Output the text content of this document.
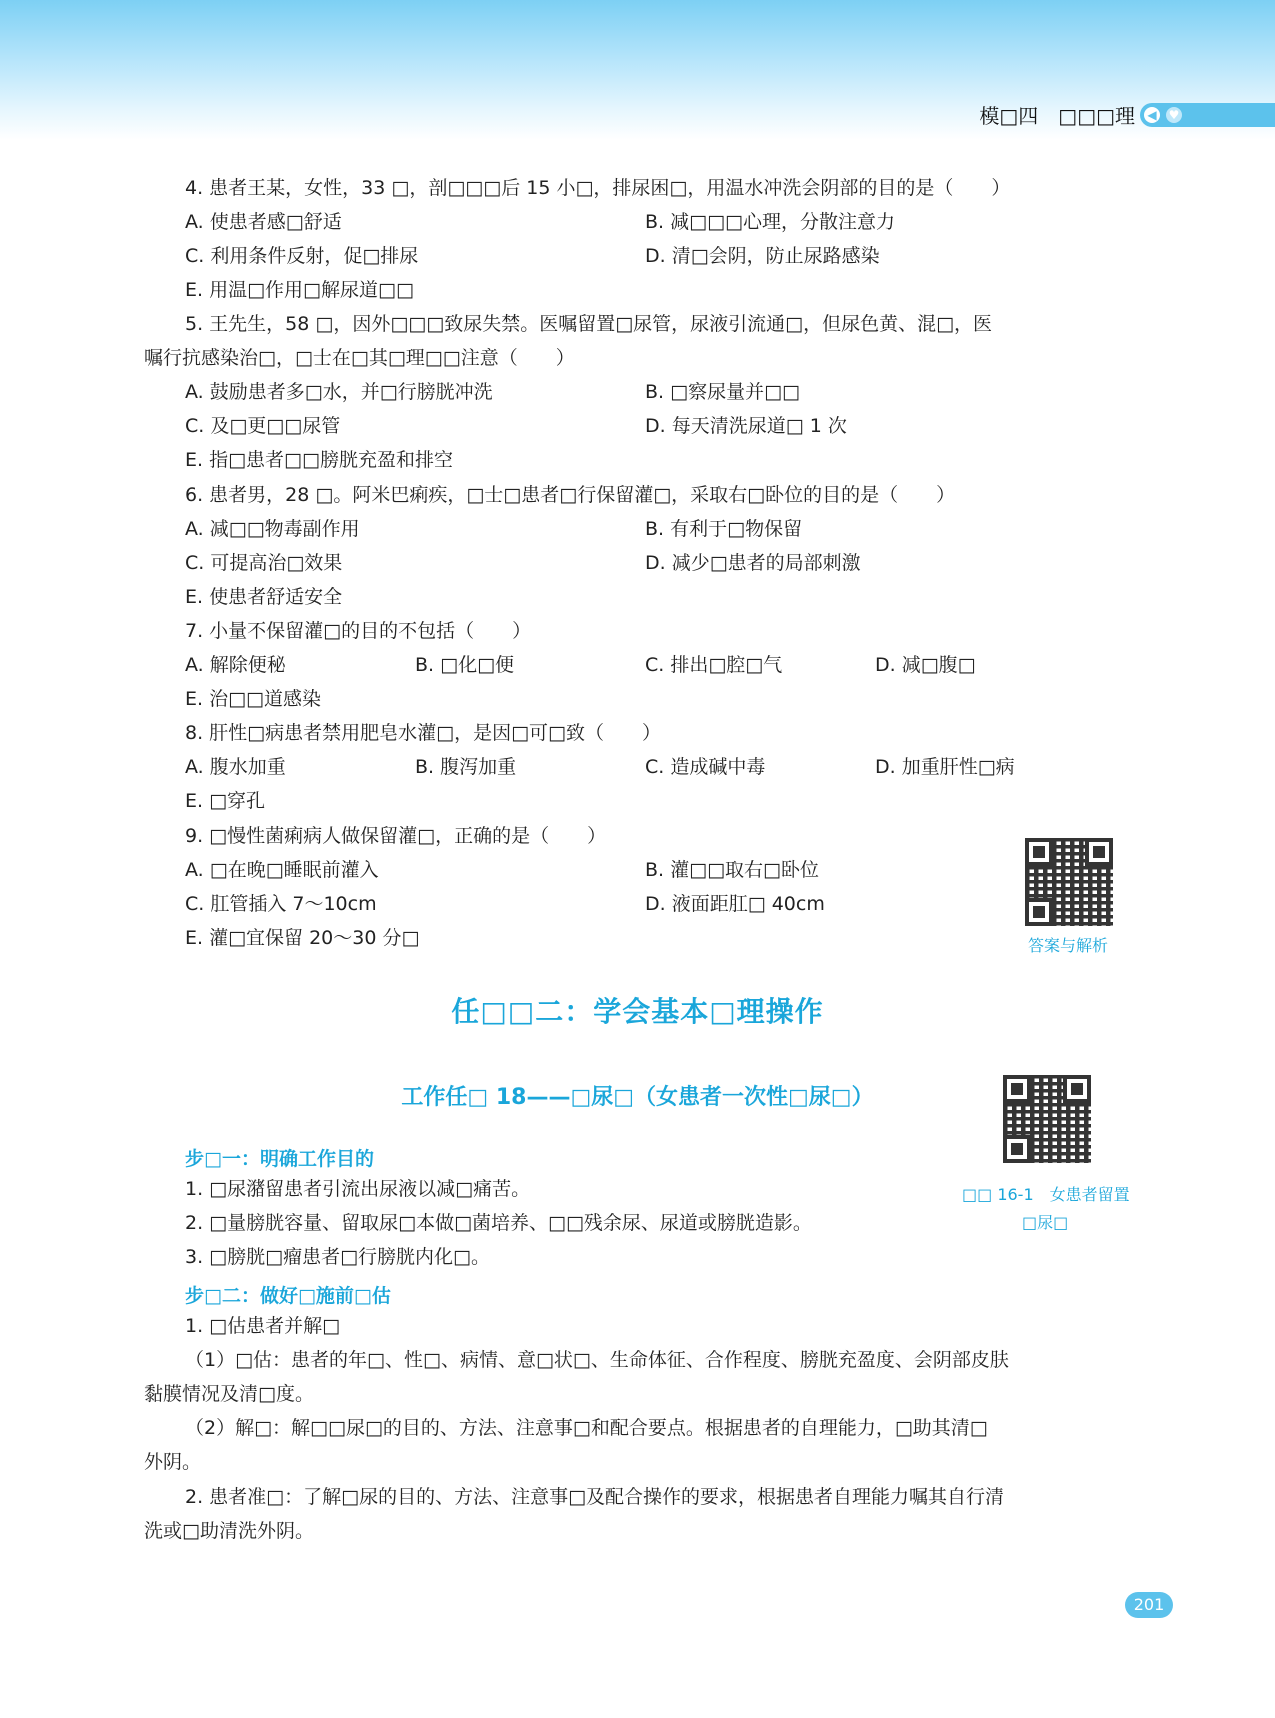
模□四　□□□理 ◀ ♥
4. 患者王某，女性，33 □，剖□□□后 15 小□，排尿困□，用温水冲洗会阴部的目的是（　　）
A. 使患者感□舒适	B. 减□□□心理，分散注意力
C. 利用条件反射，促□排尿	D. 清□会阴，防止尿路感染
E. 用温□作用□解尿道□□
5. 王先生，58 □，因外□□□致尿失禁。医嘱留置□尿管，尿液引流通□，但尿色黄、混□，医
嘱行抗感染治□，□士在□其□理□□注意（　　）
A. 鼓励患者多□水，并□行膀胱冲洗	B. □察尿量并□□
C. 及□更□□尿管	D. 每天清洗尿道□ 1 次
E. 指□患者□□膀胱充盈和排空
6. 患者男，28 □。阿米巴痢疾，□士□患者□行保留灌□，采取右□卧位的目的是（　　）
A. 减□□物毒副作用	B. 有利于□物保留
C. 可提高治□效果	D. 减少□患者的局部刺激
E. 使患者舒适安全
7. 小量不保留灌□的目的不包括（　　）
A. 解除便秘	B. □化□便	C. 排出□腔□气	D. 减□腹□
E. 治□□道感染
8. 肝性□病患者禁用肥皂水灌□，是因□可□致（　　）
A. 腹水加重	B. 腹泻加重	C. 造成碱中毒	D. 加重肝性□病
E. □穿孔
9. □慢性菌痢病人做保留灌□，正确的是（　　）
A. □在晚□睡眠前灌入	B. 灌□□取右□卧位
C. 肛管插入 7～10cm	D. 液面距肛□ 40cm
E. 灌□宜保留 20～30 分□	答案与解析
任□□二：学会基本□理操作
工作任□ 18——□尿□（女患者一次性□尿□）
□□ 16-1　女患者留置
□尿□
步□一：明确工作目的
1. □尿潴留患者引流出尿液以减□痛苦。
2. □量膀胱容量、留取尿□本做□菌培养、□□残余尿、尿道或膀胱造影。
3. □膀胱□瘤患者□行膀胱内化□。
步□二：做好□施前□估
1. □估患者并解□
（1）□估：患者的年□、性□、病情、意□状□、生命体征、合作程度、膀胱充盈度、会阴部皮肤
黏膜情况及清□度。
（2）解□：解□□尿□的目的、方法、注意事□和配合要点。根据患者的自理能力，□助其清□
外阴。
2. 患者准□：了解□尿的目的、方法、注意事□及配合操作的要求，根据患者自理能力嘱其自行清
洗或□助清洗外阴。
201
